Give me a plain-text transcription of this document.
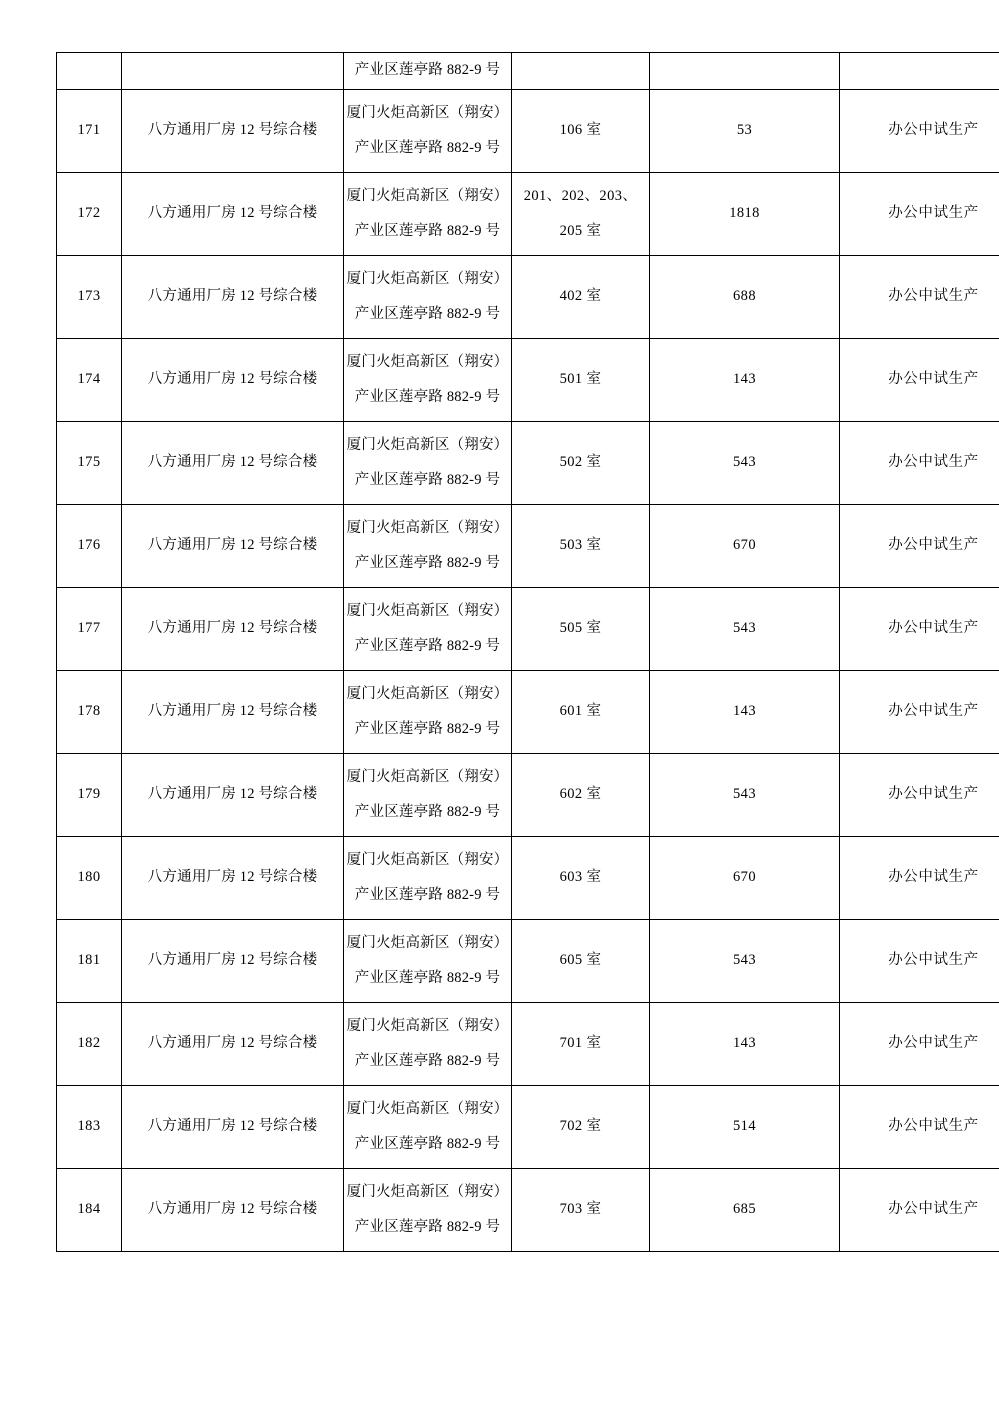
		产业区莲亭路 882-9 号			

171	八方通用厂房 12 号综合楼	厦门火炬高新区（翔安）
产业区莲亭路 882-9 号	106 室	53	办公中试生产
172	八方通用厂房 12 号综合楼	厦门火炬高新区（翔安）
产业区莲亭路 882-9 号	201、202、203、
205 室	1818	办公中试生产
173	八方通用厂房 12 号综合楼	厦门火炬高新区（翔安）
产业区莲亭路 882-9 号	402 室	688	办公中试生产
174	八方通用厂房 12 号综合楼	厦门火炬高新区（翔安）
产业区莲亭路 882-9 号	501 室	143	办公中试生产
175	八方通用厂房 12 号综合楼	厦门火炬高新区（翔安）
产业区莲亭路 882-9 号	502 室	543	办公中试生产
176	八方通用厂房 12 号综合楼	厦门火炬高新区（翔安）
产业区莲亭路 882-9 号	503 室	670	办公中试生产
177	八方通用厂房 12 号综合楼	厦门火炬高新区（翔安）
产业区莲亭路 882-9 号	505 室	543	办公中试生产
178	八方通用厂房 12 号综合楼	厦门火炬高新区（翔安）
产业区莲亭路 882-9 号	601 室	143	办公中试生产
179	八方通用厂房 12 号综合楼	厦门火炬高新区（翔安）
产业区莲亭路 882-9 号	602 室	543	办公中试生产
180	八方通用厂房 12 号综合楼	厦门火炬高新区（翔安）
产业区莲亭路 882-9 号	603 室	670	办公中试生产
181	八方通用厂房 12 号综合楼	厦门火炬高新区（翔安）
产业区莲亭路 882-9 号	605 室	543	办公中试生产
182	八方通用厂房 12 号综合楼	厦门火炬高新区（翔安）
产业区莲亭路 882-9 号	701 室	143	办公中试生产
183	八方通用厂房 12 号综合楼	厦门火炬高新区（翔安）
产业区莲亭路 882-9 号	702 室	514	办公中试生产
184	八方通用厂房 12 号综合楼	厦门火炬高新区（翔安）
产业区莲亭路 882-9 号	703 室	685	办公中试生产
